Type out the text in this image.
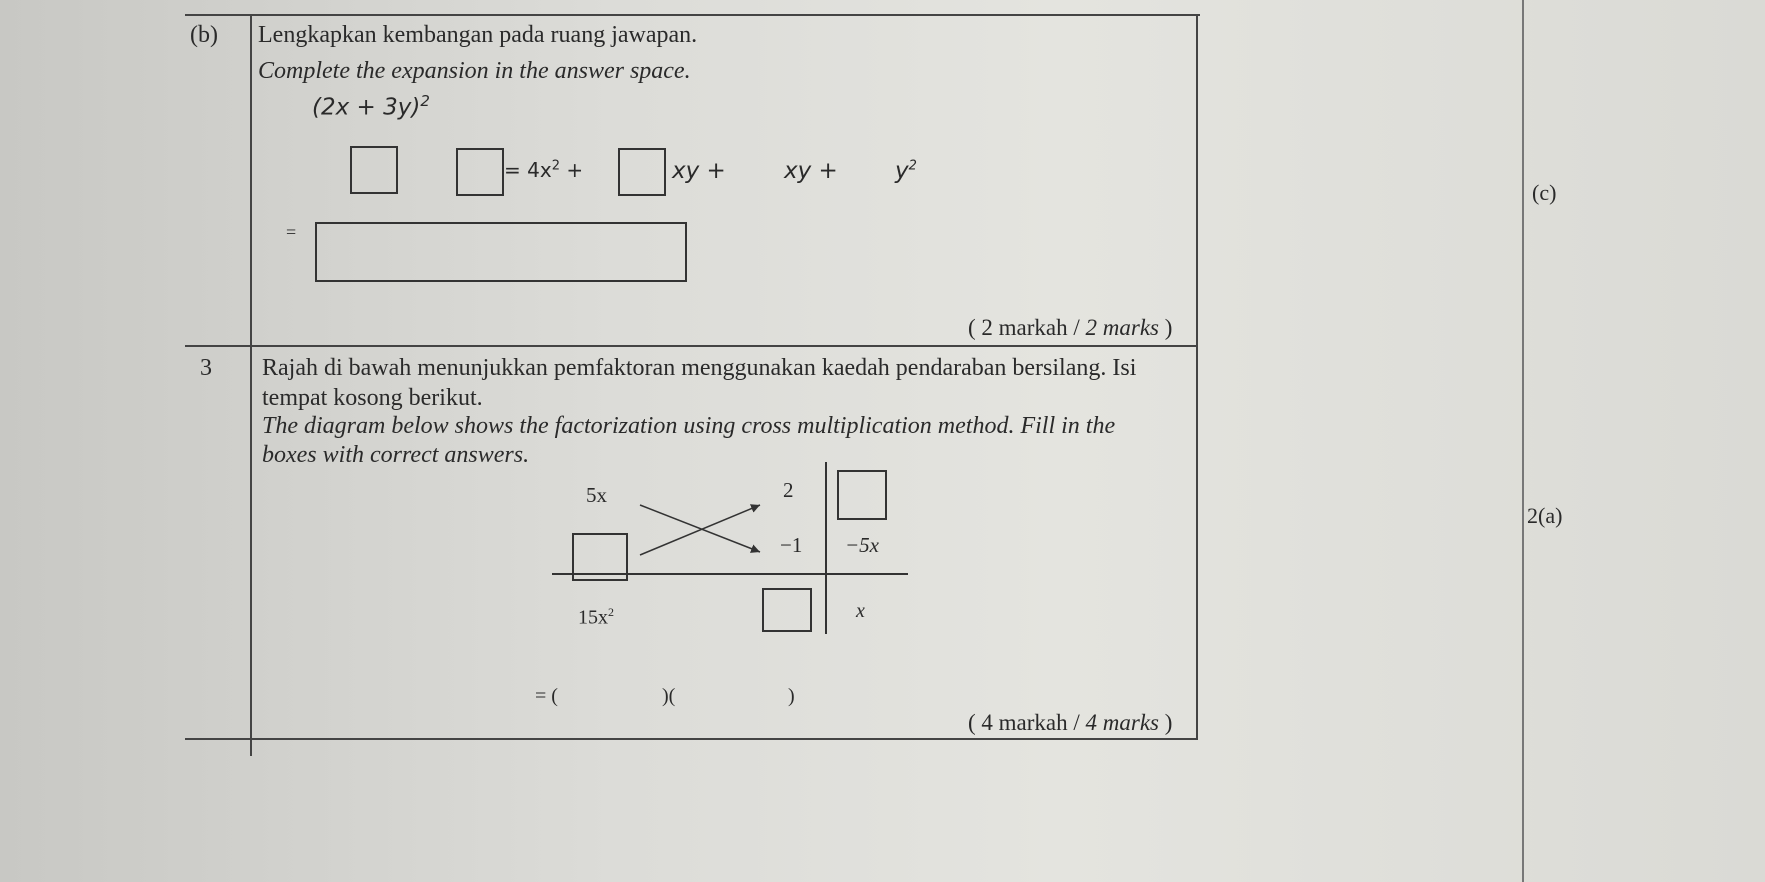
(b) Lengkapkan kembangan pada ruang jawapan.
Complete the expansion in the answer space.
$(2x + 3y)^2$
= $4x^2$ +	xy +	xy + $y^2$
=
( 2 markah / 2 marks )
3 Rajah di bawah menunjukkan pemfaktoran menggunakan kaedah pendaraban bersilang. Isi
tempat kosong berikut.
The diagram below shows the factorization using cross multiplication method. Fill in the
boxes with correct answers.
5x	2
−1 −5x
$15x^2$	x
= (	)(	)
( 4 markah / 4 marks )
(c)
2(a)
